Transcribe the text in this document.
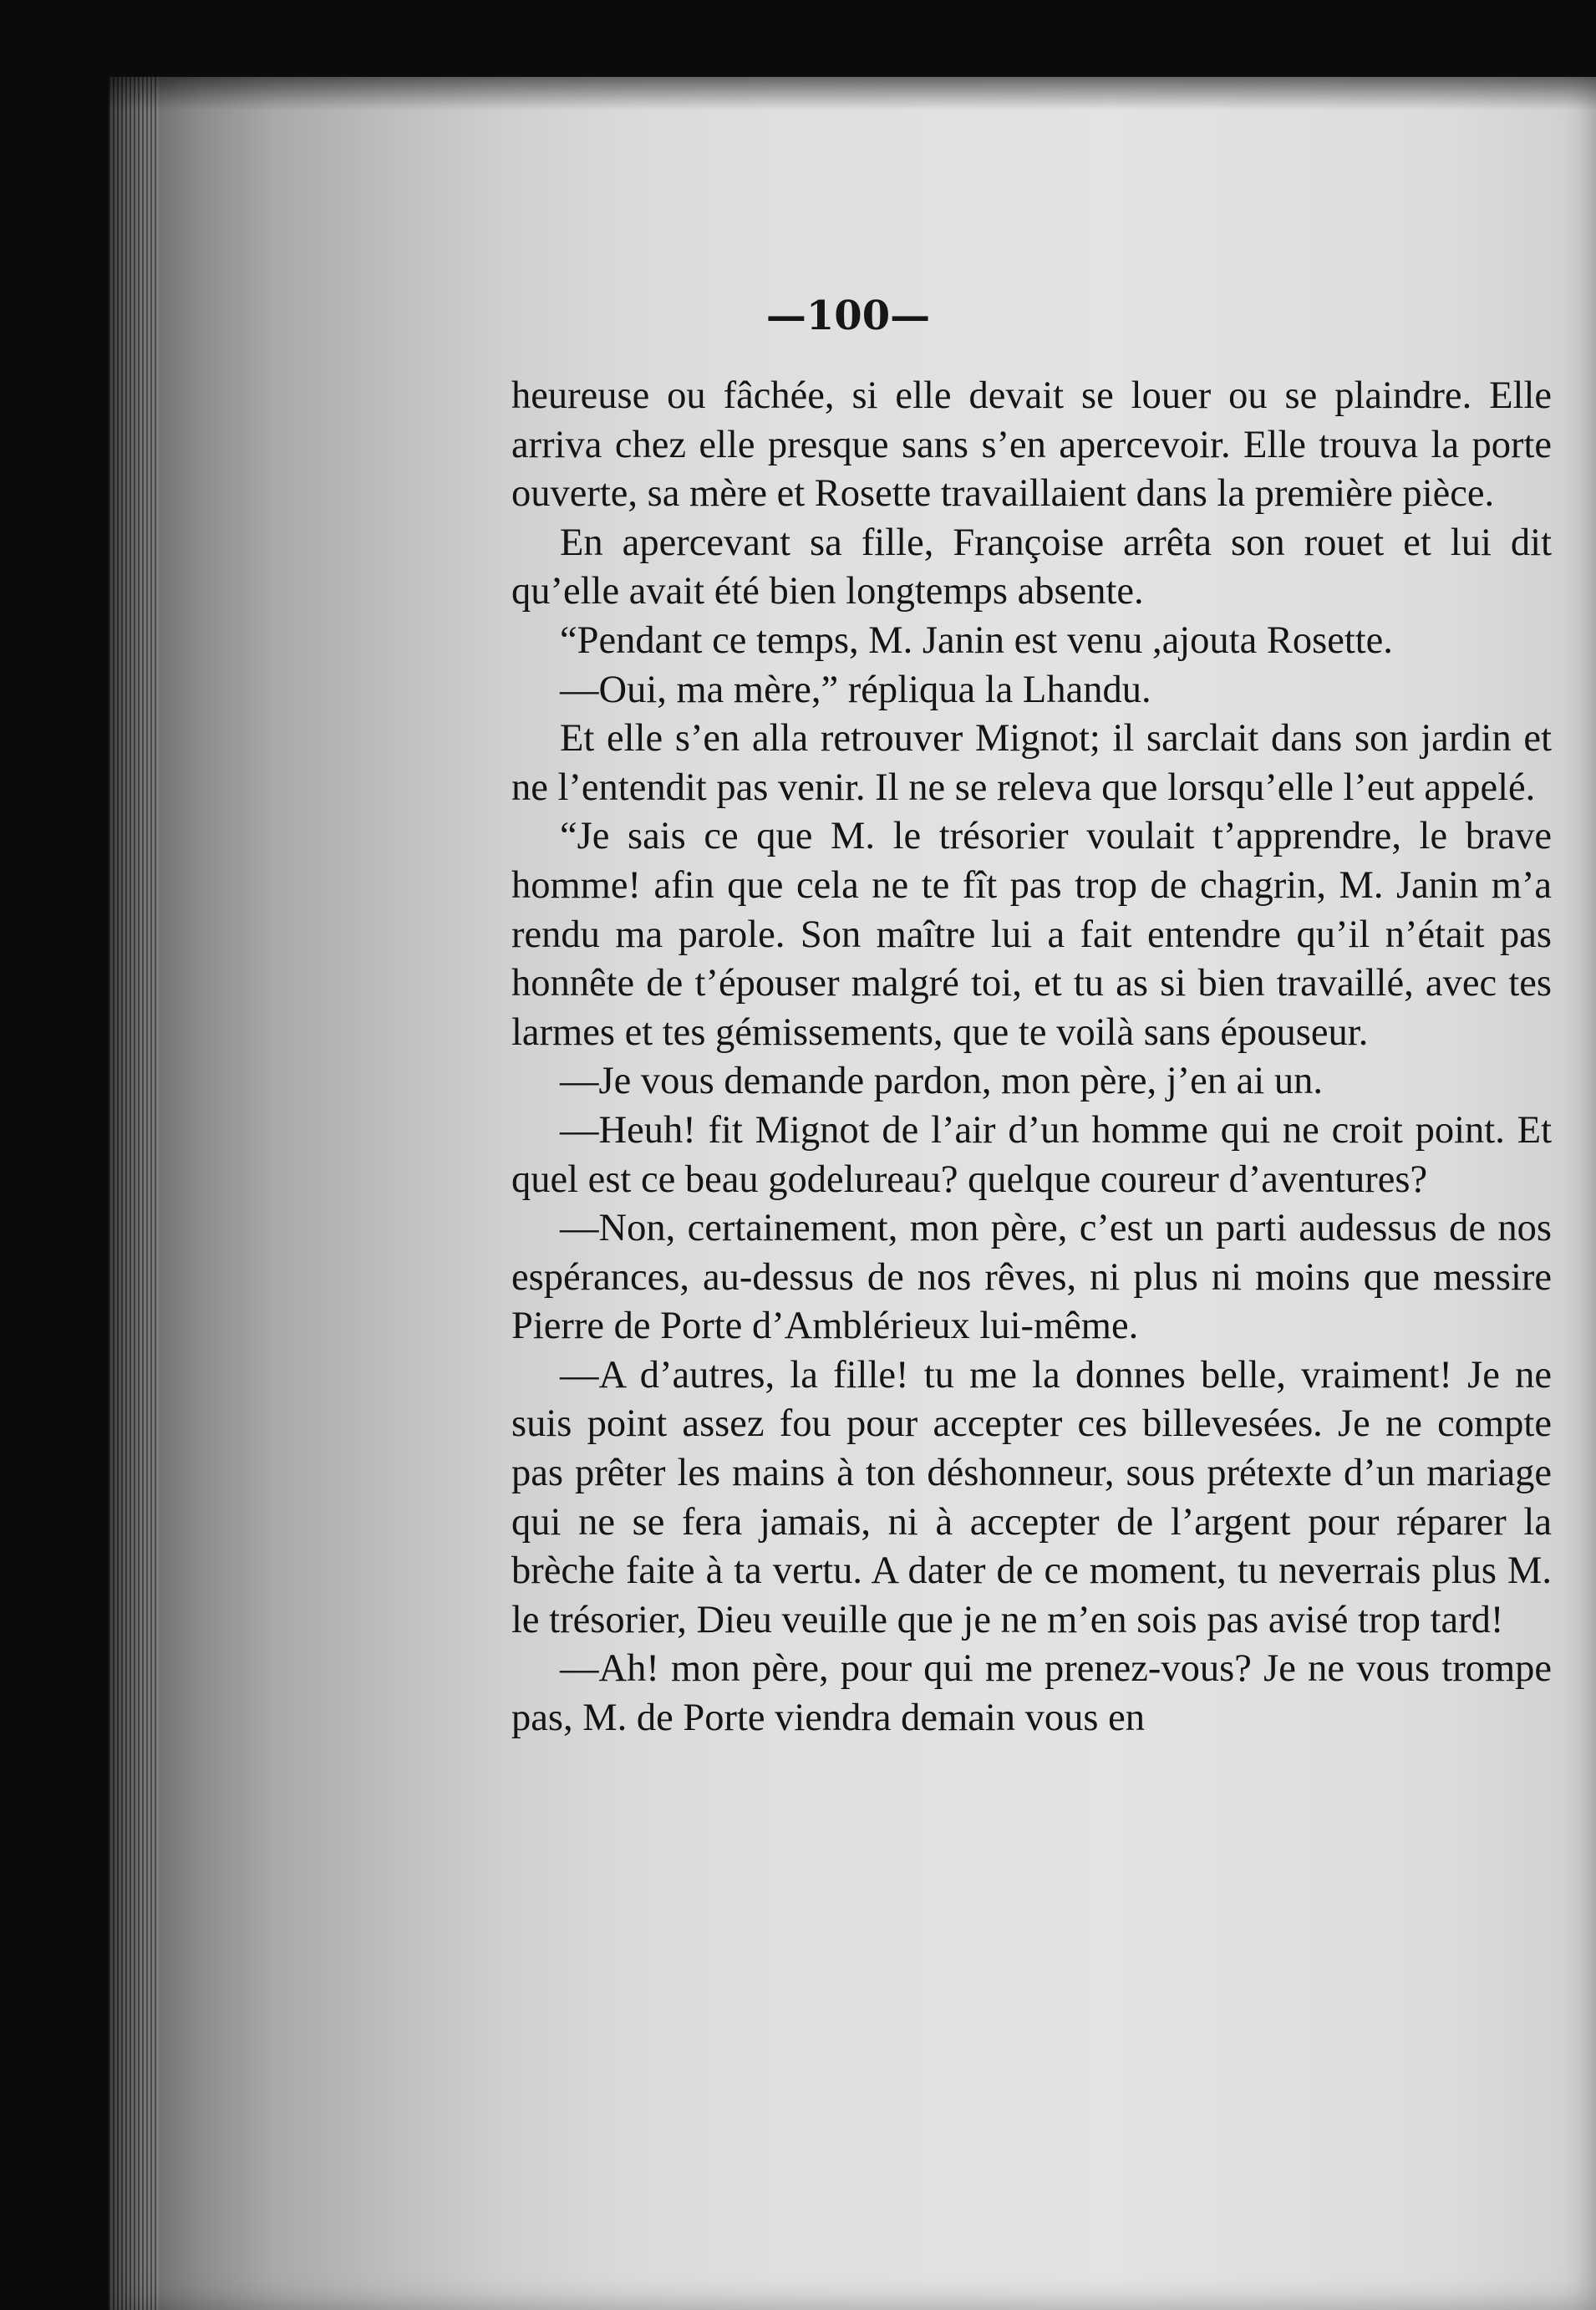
—100—

heureuse ou fâchée, si elle devait se louer ou se plaindre. Elle arriva chez elle presque sans s’en apercevoir. Elle trouva la porte ouverte, sa mère et Rosette travaillaient dans la première pièce.

En apercevant sa fille, Françoise arrêta son rouet et lui dit qu’elle avait été bien longtemps absente.

“Pendant ce temps, M. Janin est venu ,ajouta Rosette.

—Oui, ma mère,” répliqua la Lhandu.

Et elle s’en alla retrouver Mignot; il sarclait dans son jardin et ne l’entendit pas venir. Il ne se releva que lorsqu’elle l’eut appelé.

“Je sais ce que M. le trésorier voulait t’apprendre, le brave homme! afin que cela ne te fît pas trop de chagrin, M. Janin m’a rendu ma parole. Son maître lui a fait entendre qu’il n’était pas honnête de t’épouser malgré toi, et tu as si bien travaillé, avec tes larmes et tes gémissements, que te voilà sans épouseur.

—Je vous demande pardon, mon père, j’en ai un.

—Heuh! fit Mignot de l’air d’un homme qui ne croit point. Et quel est ce beau godelureau? quelque coureur d’aventures?

—Non, certainement, mon père, c’est un parti audessus de nos espérances, au-dessus de nos rêves, ni plus ni moins que messire Pierre de Porte d’Amblérieux lui-même.

—A d’autres, la fille! tu me la donnes belle, vraiment! Je ne suis point assez fou pour accepter ces billevesées. Je ne compte pas prêter les mains à ton déshonneur, sous prétexte d’un mariage qui ne se fera jamais, ni à accepter de l’argent pour réparer la brèche faite à ta vertu. A dater de ce moment, tu neverrais plus M. le trésorier, Dieu veuille que je ne m’en sois pas avisé trop tard!

—Ah! mon père, pour qui me prenez-vous? Je ne vous trompe pas, M. de Porte viendra demain vous en
